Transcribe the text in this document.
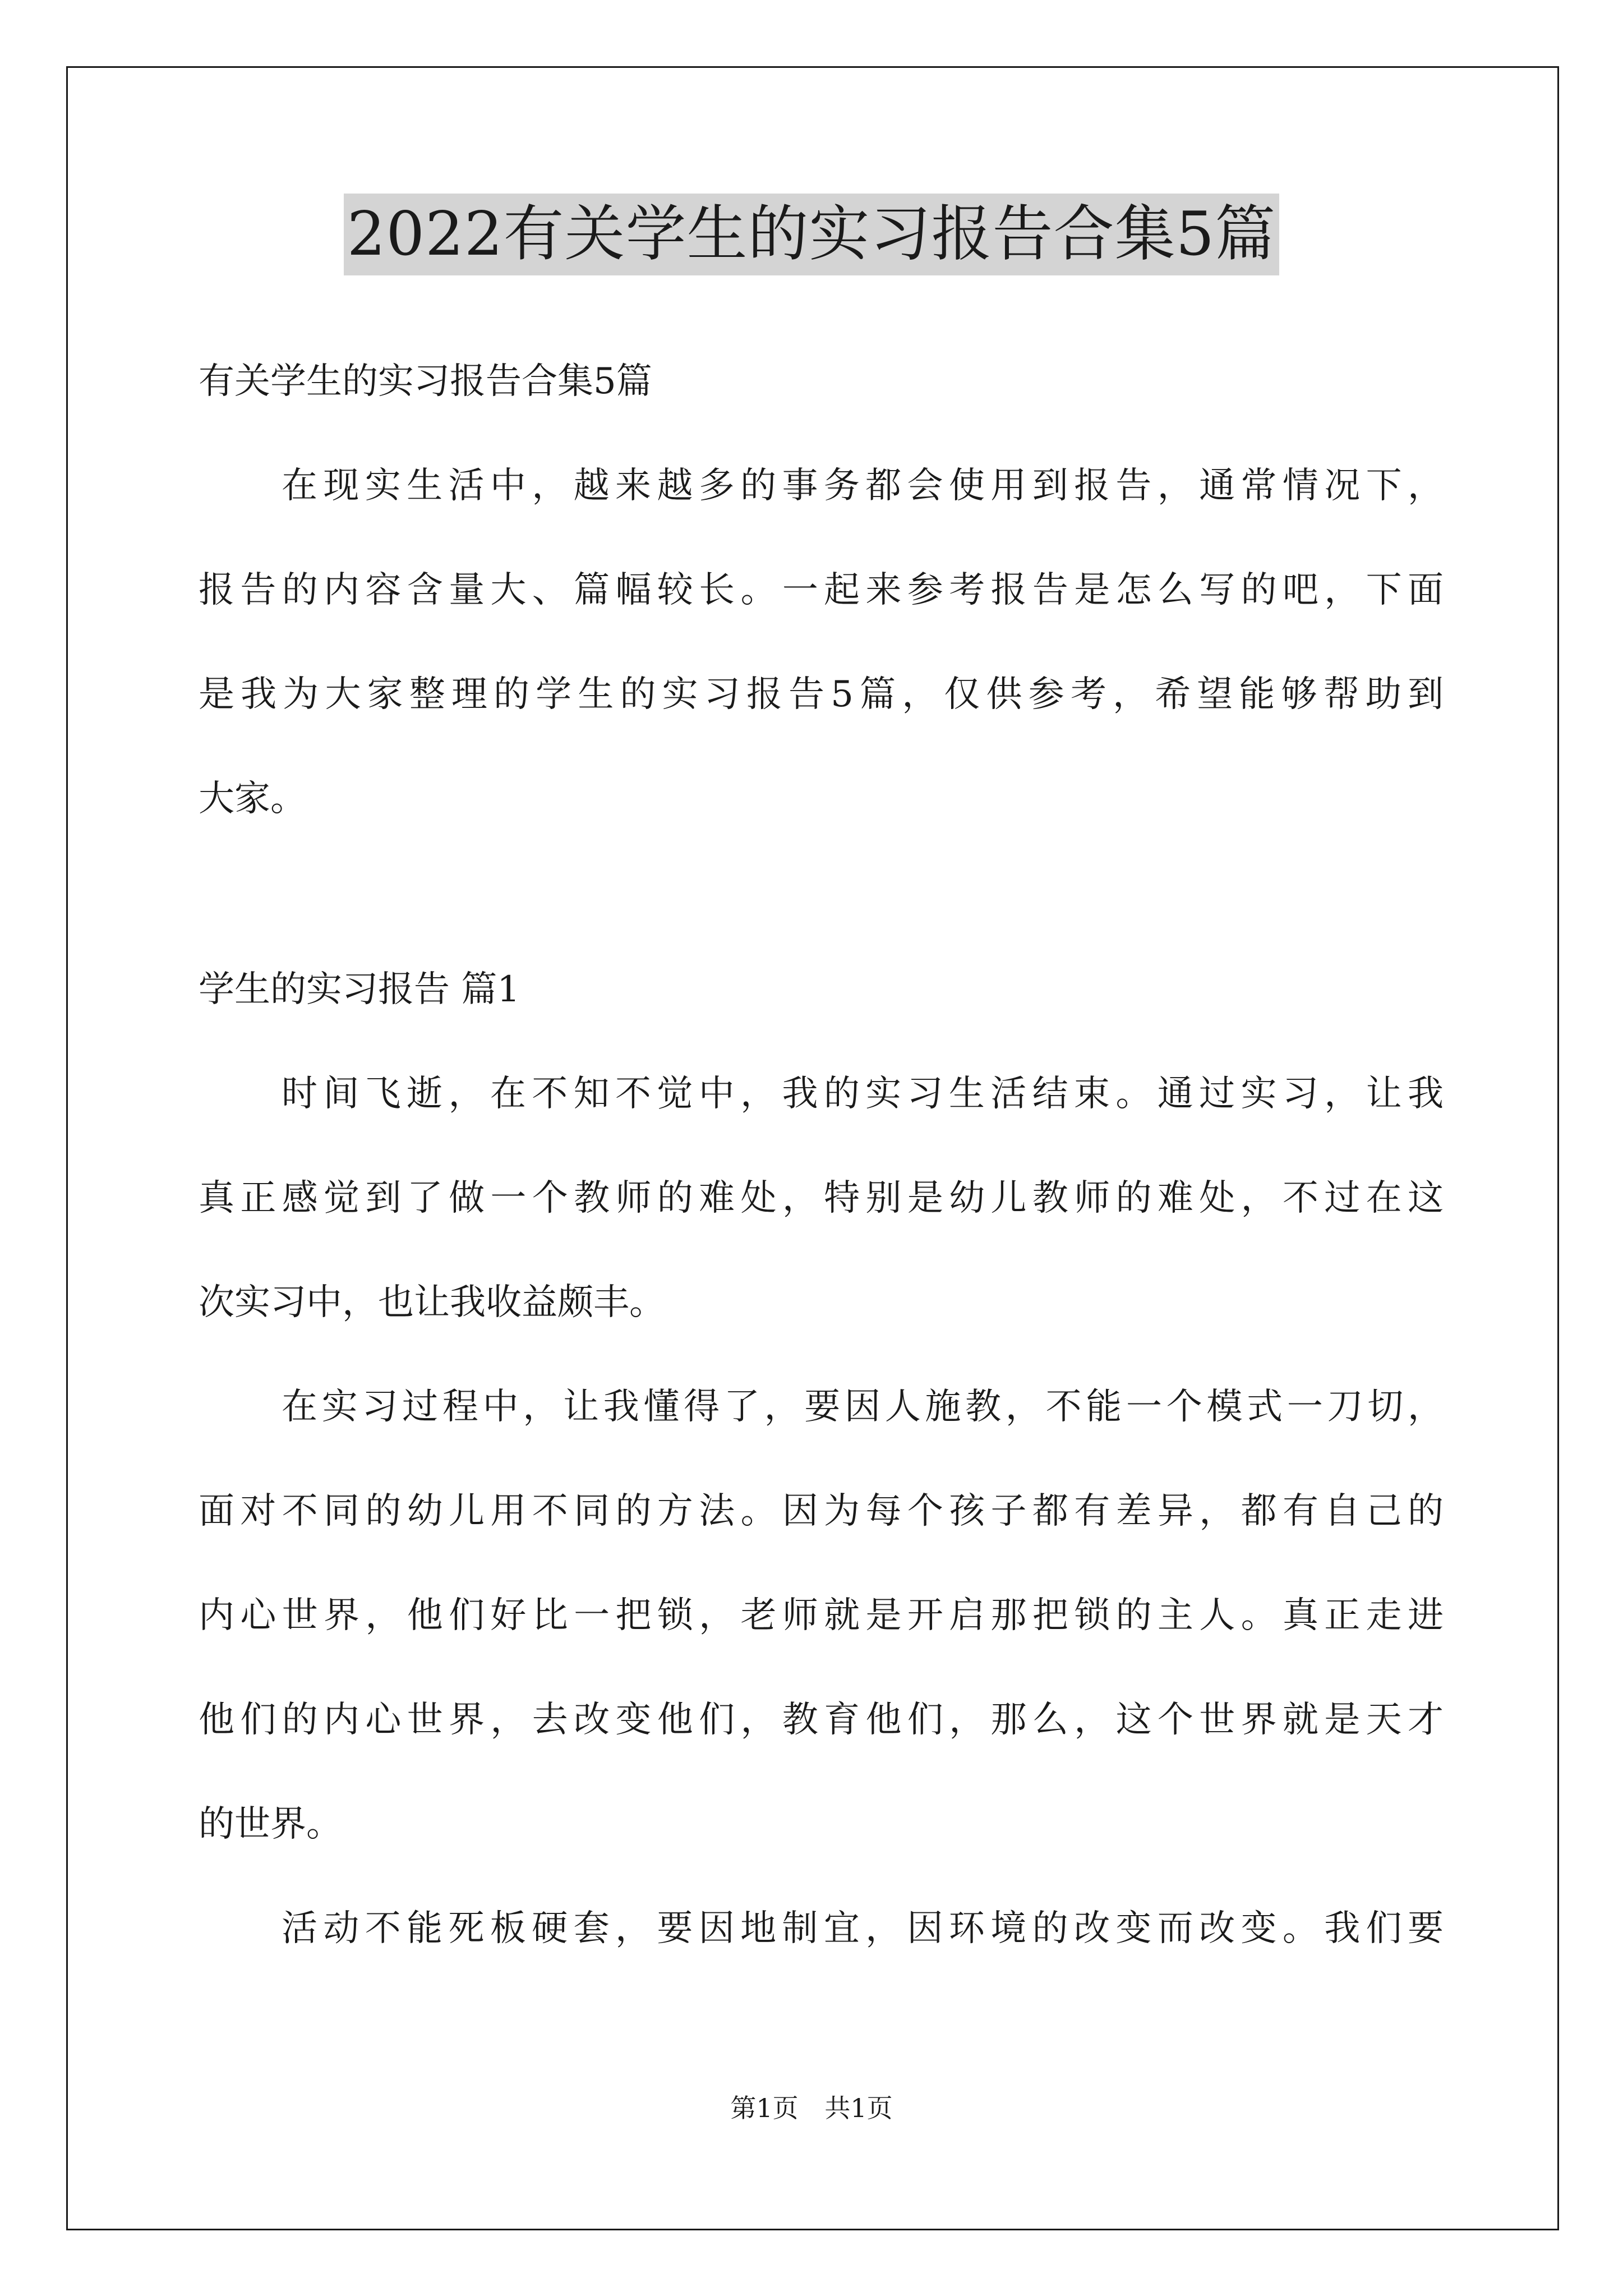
2022有关学生的实习报告合集5篇
有关学生的实习报告合集5篇
在现实生活中，越来越多的事务都会使用到报告，通常情况下，
报告的内容含量大、篇幅较长。一起来参考报告是怎么写的吧，下面
是我为大家整理的学生的实习报告5篇，仅供参考，希望能够帮助到
大家。
学生的实习报告 篇1
时间飞逝，在不知不觉中，我的实习生活结束。通过实习，让我
真正感觉到了做一个教师的难处，特别是幼儿教师的难处，不过在这
次实习中，也让我收益颇丰。
在实习过程中，让我懂得了，要因人施教，不能一个模式一刀切，
面对不同的幼儿用不同的方法。因为每个孩子都有差异，都有自己的
内心世界，他们好比一把锁，老师就是开启那把锁的主人。真正走进
他们的内心世界，去改变他们，教育他们，那么，这个世界就是天才
的世界。
活动不能死板硬套，要因地制宜，因环境的改变而改变。我们要
第1页 共1页
